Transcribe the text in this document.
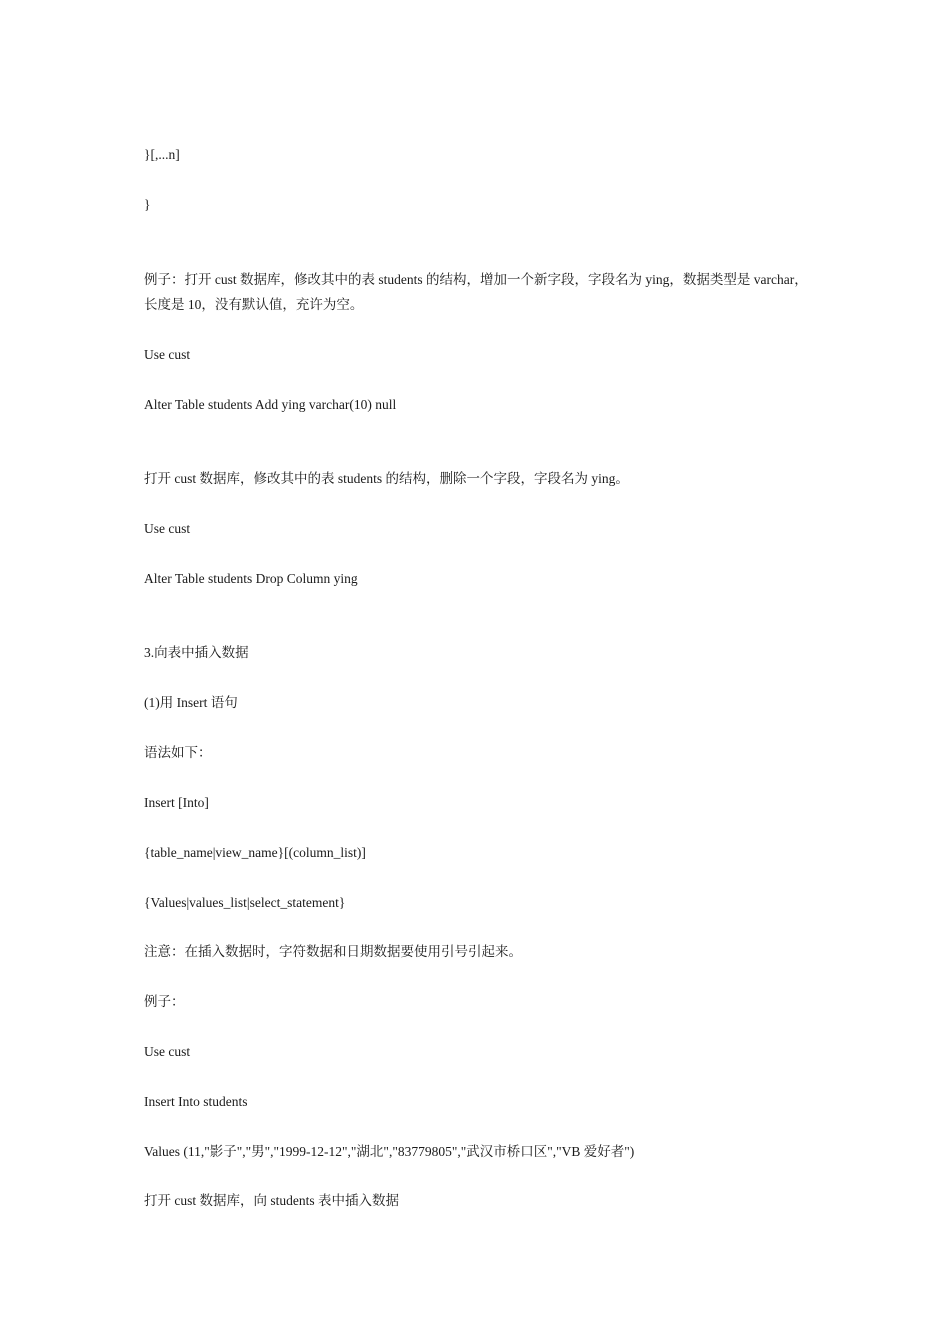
}[,...n]
}
例子：打开 cust 数据库，修改其中的表 students 的结构，增加一个新字段，字段名为 ying，数据类型是 varchar，
长度是 10，没有默认值，充许为空。
Use cust
Alter Table students Add ying varchar(10) null
打开 cust 数据库，修改其中的表 students 的结构，删除一个字段，字段名为 ying。
Use cust
Alter Table students Drop Column ying
3.向表中插入数据
(1)用 Insert 语句
语法如下：
Insert [Into]
{table_name|view_name}[(column_list)]
{Values|values_list|select_statement}
注意：在插入数据时，字符数据和日期数据要使用引号引起来。
例子：
Use cust
Insert Into students
Values (11,"影子","男","1999-12-12","湖北","83779805","武汉市桥口区","VB 爱好者")
打开 cust 数据库，向 students 表中插入数据
